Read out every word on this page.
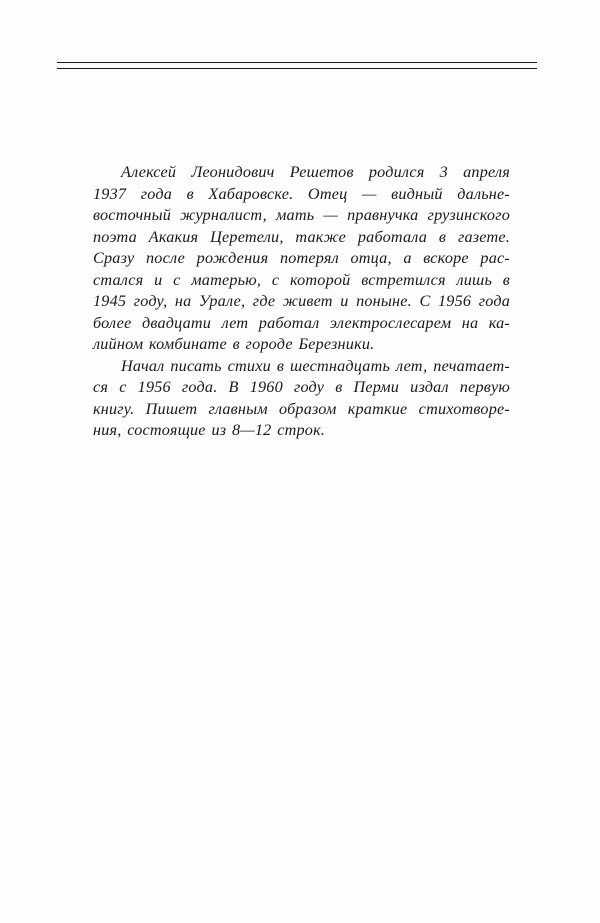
Алексей Леонидович Решетов родился 3 апреля
1937 года в Хабаровске. Отец — видный дальне-
восточный журналист, мать — правнучка грузинского
поэта Акакия Церетели, также работала в газете.
Сразу после рождения потерял отца, а вскоре рас-
стался и с матерью, с которой встретился лишь в
1945 году, на Урале, где живет и поныне. С 1956 года
более двадцати лет работал электрослесарем на ка-
лийном комбинате в городе Березники.
Начал писать стихи в шестнадцать лет, печатает-
ся с 1956 года. В 1960 году в Перми издал первую
книгу. Пишет главным образом краткие стихотворе-
ния, состоящие из 8—12 строк.
